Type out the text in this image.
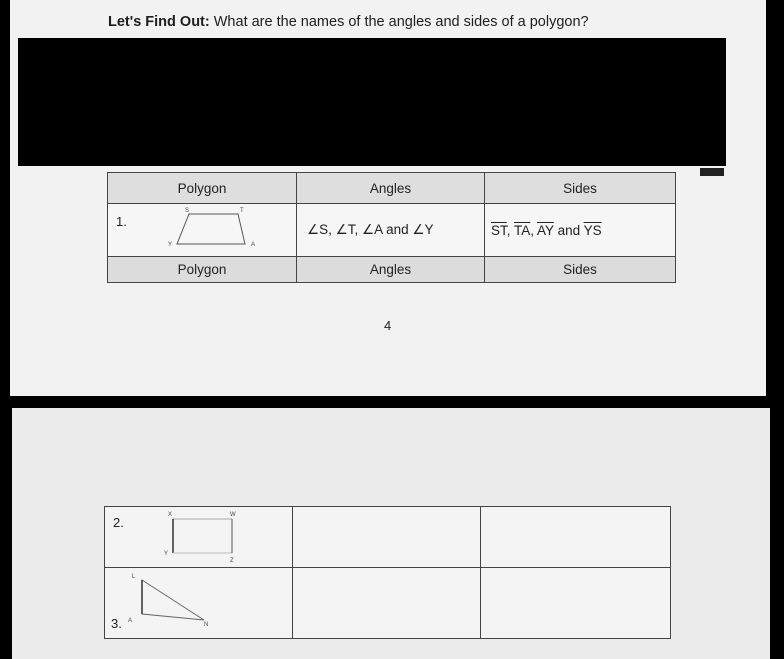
Let's Find Out: What are the names of the angles and sides of a polygon?
Polygon	Angles	Sides

1.
S T
Y A	∠S, ∠T, ∠A and ∠Y	$\overline{ST}$, $\overline{TA}$, $\overline{AY}$ and $\overline{YS}$
Polygon	Angles	Sides
4
2. X W
Y
Z		

3.
L
A
N		
